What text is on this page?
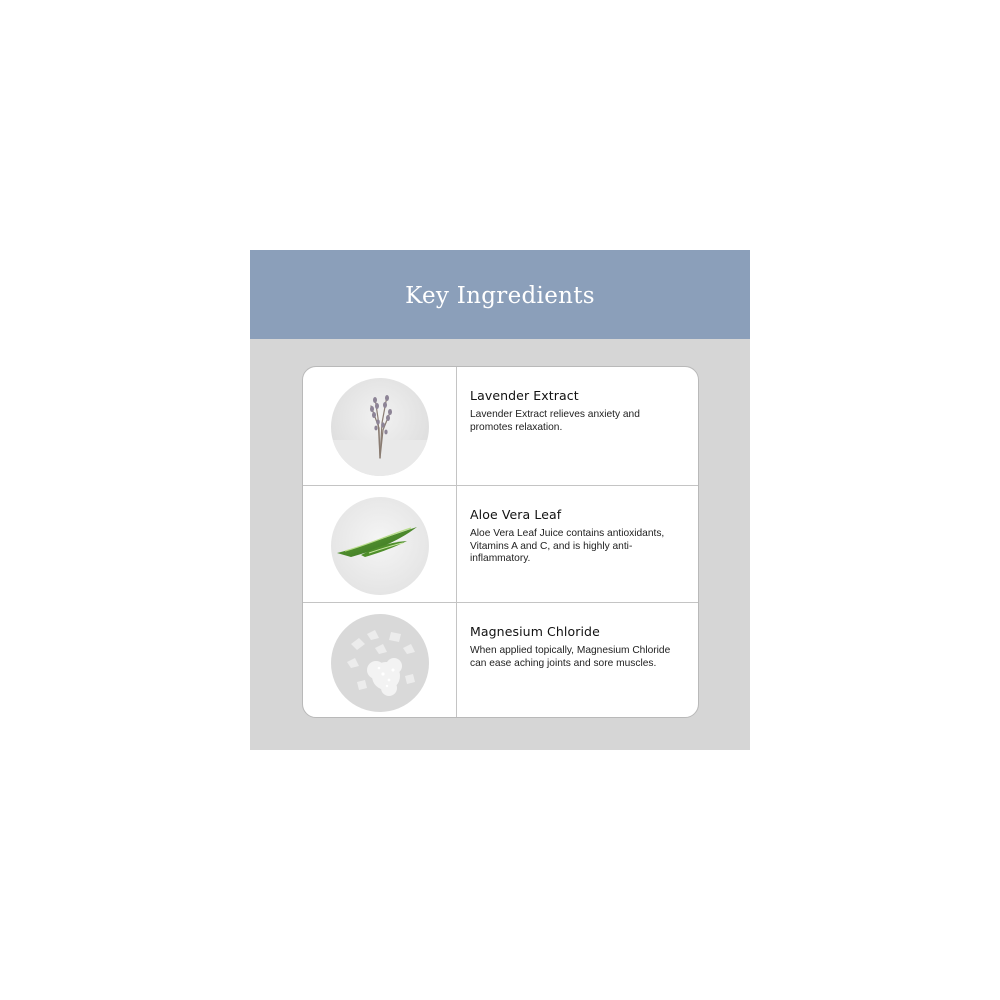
Key Ingredients
Lavender Extract

Lavender Extract relieves anxiety and promotes relaxation.

Aloe Vera Leaf

Aloe Vera Leaf Juice contains antioxidants, Vitamins A and C, and is highly anti-inflammatory.

Magnesium Chloride

When applied topically, Magnesium Chloride can ease aching joints and sore muscles.
